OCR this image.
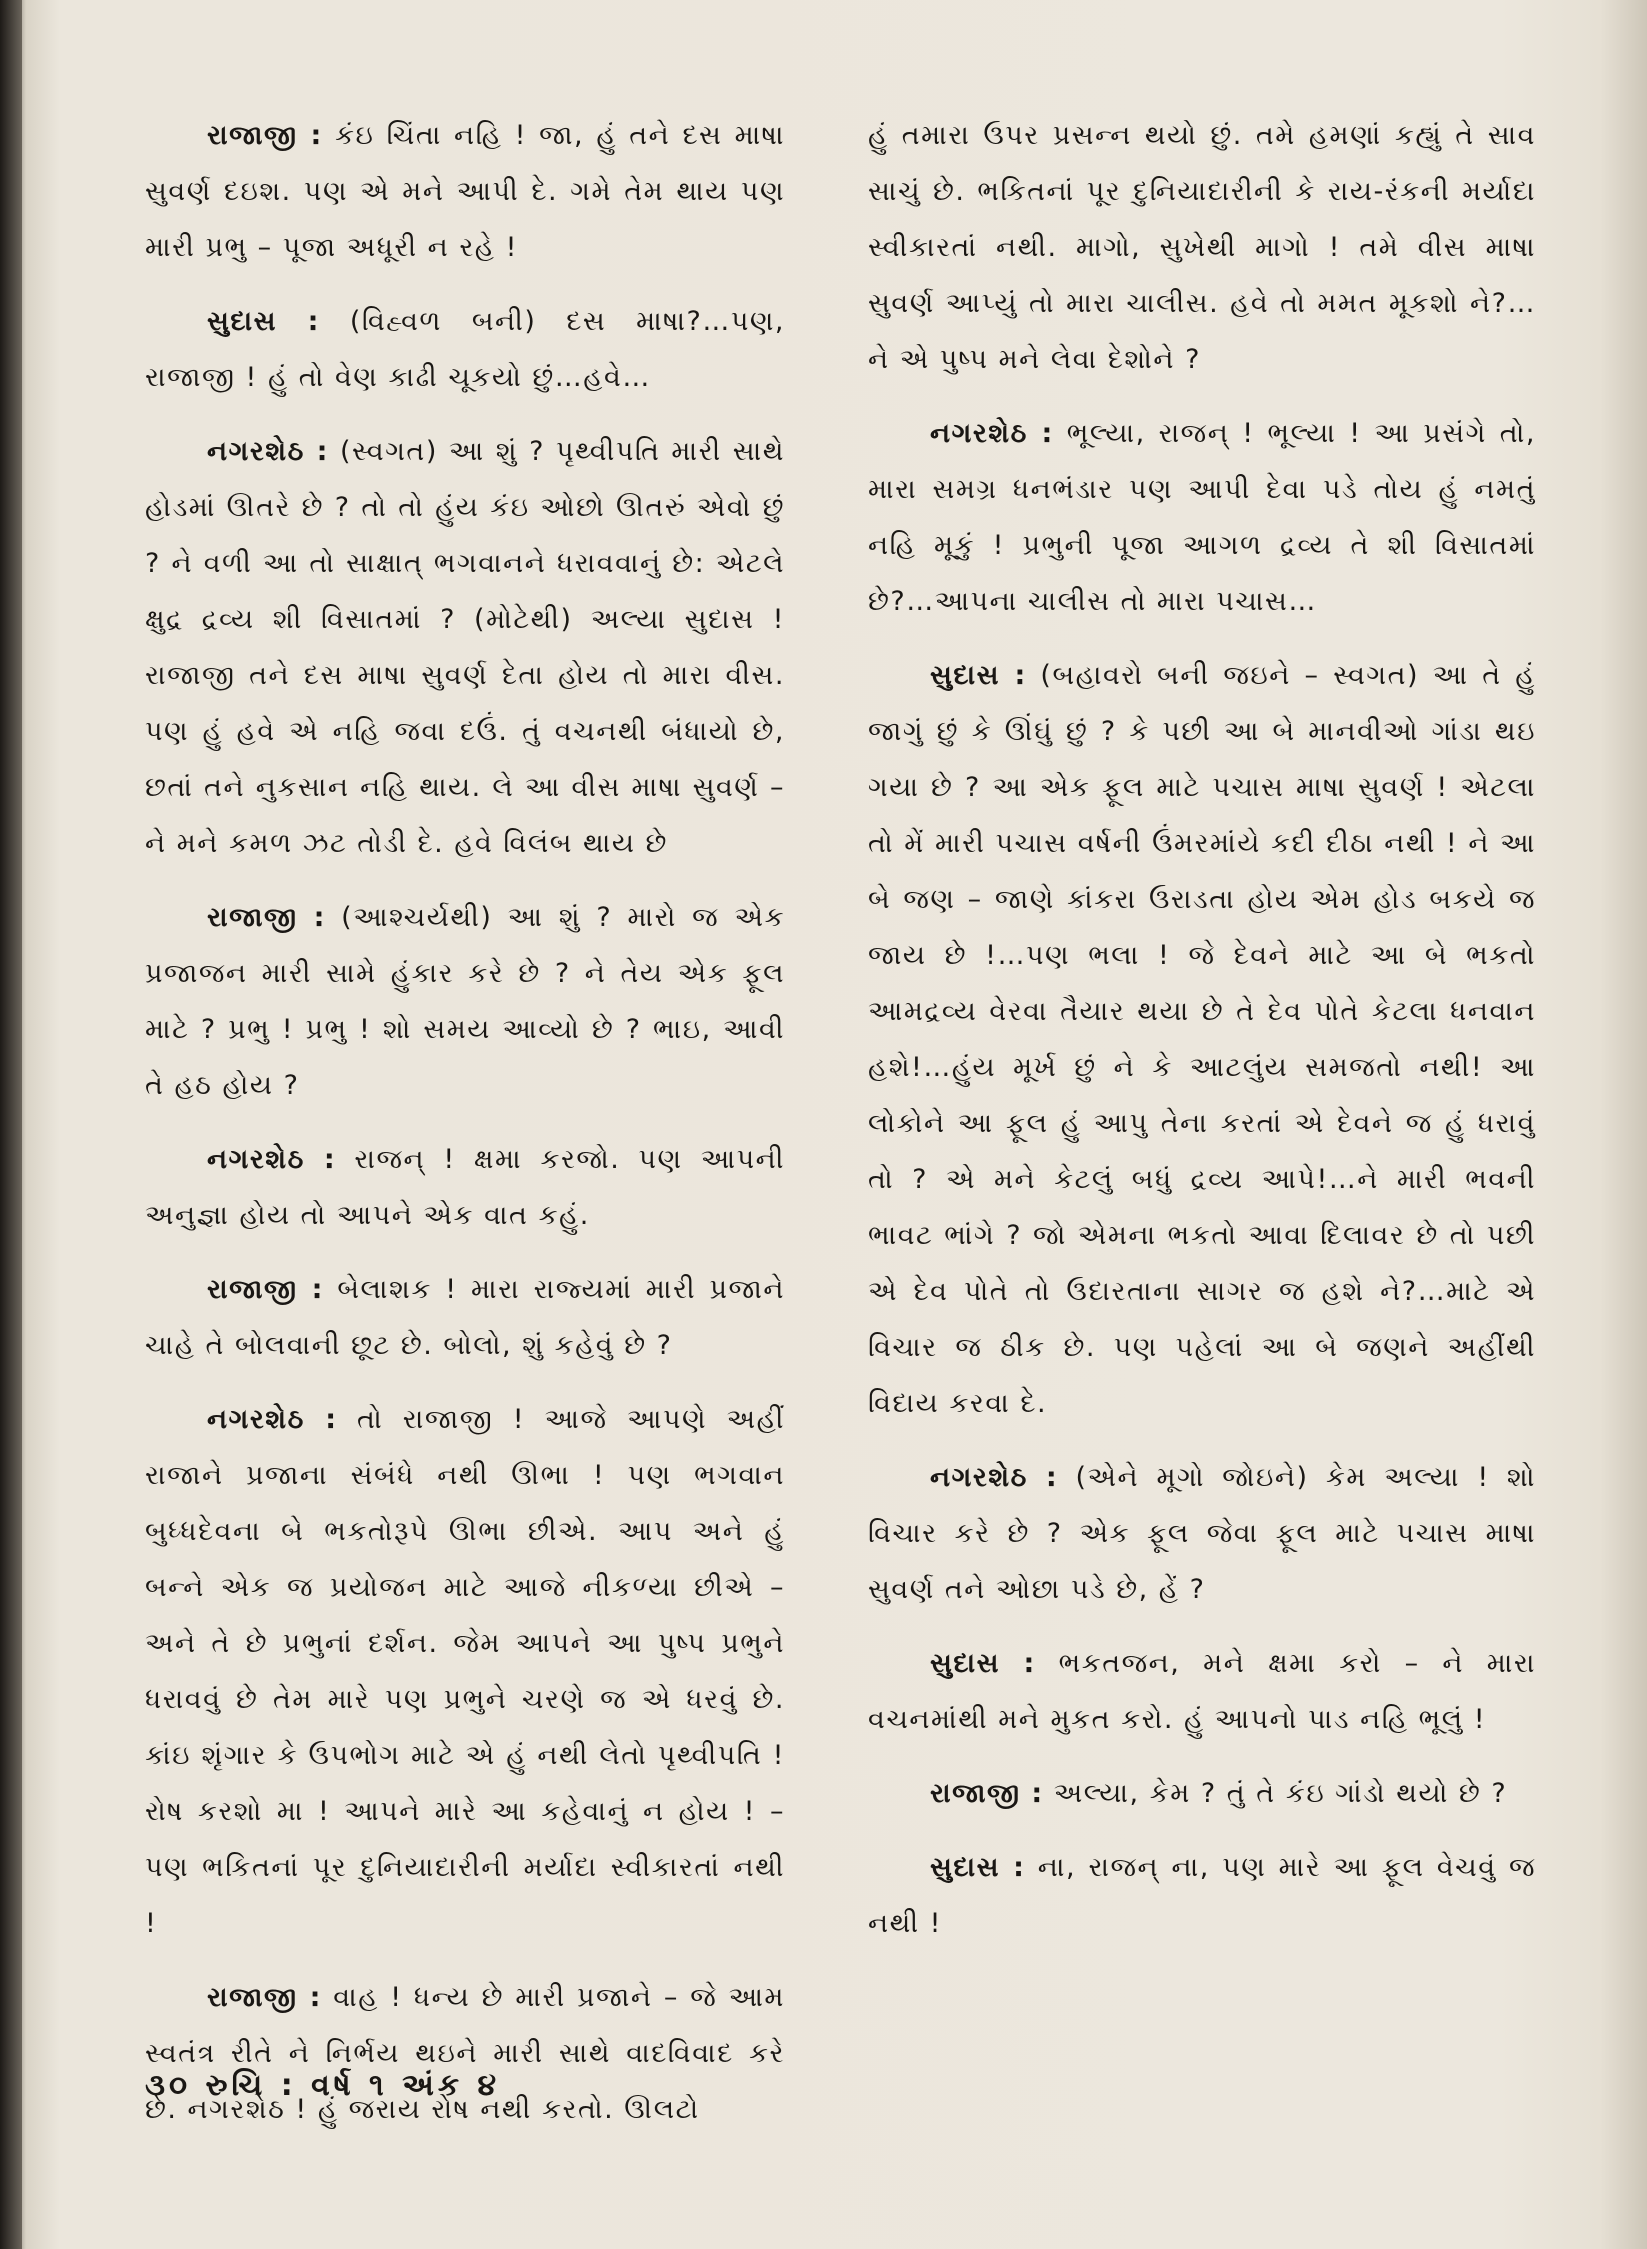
રાજાજી : કંઇ ચિંતા નહિ ! જા, હું તને દસ માષા સુવર્ણ દઇશ. પણ એ મને આપી દે. ગમે તેમ થાય પણ મારી પ્રભુ – પૂજા અધૂરી ન રહે !

સુદાસ : (વિહ્વળ બની) દસ માષા?…પણ, રાજાજી ! હું તો વેણ કાઢી ચૂકયો છું…હવે…

નગરશેઠ : (સ્વગત) આ શું ? પૃથ્વીપતિ મારી સાથે હોડમાં ઊતરે છે ? તો તો હુંય કંઇ ઓછો ઊતરું એવો છું ? ને વળી આ તો સાક્ષાત્ ભગવાનને ધરાવવાનું છે: એટલે ક્ષુદ્ર દ્રવ્ય શી વિસાતમાં ? (મોટેથી) અલ્યા સુદાસ ! રાજાજી તને દસ માષા સુવર્ણ દેતા હોય તો મારા વીસ. પણ હું હવે એ નહિ જવા દઉં. તું વચનથી બંધાયો છે, છતાં તને નુકસાન નહિ થાય. લે આ વીસ માષા સુવર્ણ – ને મને કમળ ઝટ તોડી દે. હવે વિલંબ થાય છે

રાજાજી : (આશ્ચર્યથી) આ શું ? મારો જ એક પ્રજાજન મારી સામે હુંકાર કરે છે ? ને તેય એક ફૂલ માટે ? પ્રભુ ! પ્રભુ ! શો સમય આવ્યો છે ? ભાઇ, આવી તે હઠ હોય ?

નગરશેઠ : રાજન્ ! ક્ષમા કરજો. પણ આપની અનુજ્ઞા હોય તો આપને એક વાત કહું.

રાજાજી : બેલાશક ! મારા રાજ્યમાં મારી પ્રજાને ચાહે તે બોલવાની છૂટ છે. બોલો, શું કહેવું છે ?

નગરશેઠ : તો રાજાજી ! આજે આપણે અહીં રાજાને પ્રજાના સંબંધે નથી ઊભા ! પણ ભગવાન બુધ્ધદેવના બે ભકતોરૂપે ઊભા છીએ. આપ અને હું બન્ને એક જ પ્રયોજન માટે આજે નીકળ્યા છીએ – અને તે છે પ્રભુનાં દર્શન. જેમ આપને આ પુષ્પ પ્રભુને ધરાવવું છે તેમ મારે પણ પ્રભુને ચરણે જ એ ધરવું છે. કાંઇ શૃંગાર કે ઉપભોગ માટે એ હું નથી લેતો પૃથ્વીપતિ ! રોષ કરશો મા ! આપને મારે આ કહેવાનું ન હોય ! – પણ ભકિતનાં પૂર દુનિયાદારીની મર્યાદા સ્વીકારતાં નથી !

રાજાજી : વાહ ! ધન્ય છે મારી પ્રજાને – જે આમ સ્વતંત્ર રીતે ને નિર્ભય થઇને મારી સાથે વાદવિવાદ કરે છે. નગરશેઠ ! હું જરાય રોષ નથી કરતો. ઊલટો

હું તમારા ઉપર પ્રસન્ન થયો છું. તમે હમણાં કહ્યું તે સાવ સાચું છે. ભકિતનાં પૂર દુનિયાદારીની કે રાય-રંકની મર્યાદા સ્વીકારતાં નથી. માગો, સુખેથી માગો ! તમે વીસ માષા સુવર્ણ આપ્યું તો મારા ચાલીસ. હવે તો મમત મૂકશો ને?…ને એ પુષ્પ મને લેવા દેશોને ?

નગરશેઠ : ભૂલ્યા, રાજન્ ! ભૂલ્યા ! આ પ્રસંગે તો, મારા સમગ્ર ધનભંડાર પણ આપી દેવા પડે તોય હું નમતું નહિ મૂકું ! પ્રભુની પૂજા આગળ દ્રવ્ય તે શી વિસાતમાં છે?…આપના ચાલીસ તો મારા પચાસ…

સુદાસ : (બહાવરો બની જઇને – સ્વગત) આ તે હું જાગું છું કે ઊંઘું છું ? કે પછી આ બે માનવીઓ ગાંડા થઇ ગયા છે ? આ એક ફૂલ માટે પચાસ માષા સુવર્ણ ! એટલા તો મેં મારી પચાસ વર્ષની ઉંમરમાંયે કદી દીઠા નથી ! ને આ બે જણ – જાણે કાંકરા ઉરાડતા હોય એમ હોડ બકયે જ જાય છે !…પણ ભલા ! જે દેવને માટે આ બે ભકતો આમદ્રવ્ય વેરવા તૈયાર થયા છે તે દેવ પોતે કેટલા ધનવાન હશે!…હુંય મૂર્ખ છું ને કે આટલુંય સમજતો નથી! આ લોકોને આ ફૂલ હું આપુ તેના કરતાં એ દેવને જ હું ધરાવું તો ? એ મને કેટલું બધું દ્રવ્ય આપે!…ને મારી ભવની ભાવટ ભાંગે ? જો એમના ભકતો આવા દિલાવર છે તો પછી એ દેવ પોતે તો ઉદારતાના સાગર જ હશે ને?…માટે એ વિચાર જ ઠીક છે. પણ પહેલાં આ બે જણને અહીંથી વિદાય કરવા દે.

નગરશેઠ : (એને મૂગો જોઇને) કેમ અલ્યા ! શો વિચાર કરે છે ? એક ફૂલ જેવા ફૂલ માટે પચાસ માષા સુવર્ણ તને ઓછા પડે છે, હેં ?

સુદાસ : ભકતજન, મને ક્ષમા કરો – ને મારા વચનમાંથી મને મુકત કરો. હું આપનો પાડ નહિ ભૂલું !

રાજાજી : અલ્યા, કેમ ? તું તે કંઇ ગાંડો થયો છે ?

સુદાસ : ના, રાજન્ ના, પણ મારે આ ફૂલ વેચવું જ નથી !

૩૦ રુચિ : વર્ષ ૧ અંક ૪
